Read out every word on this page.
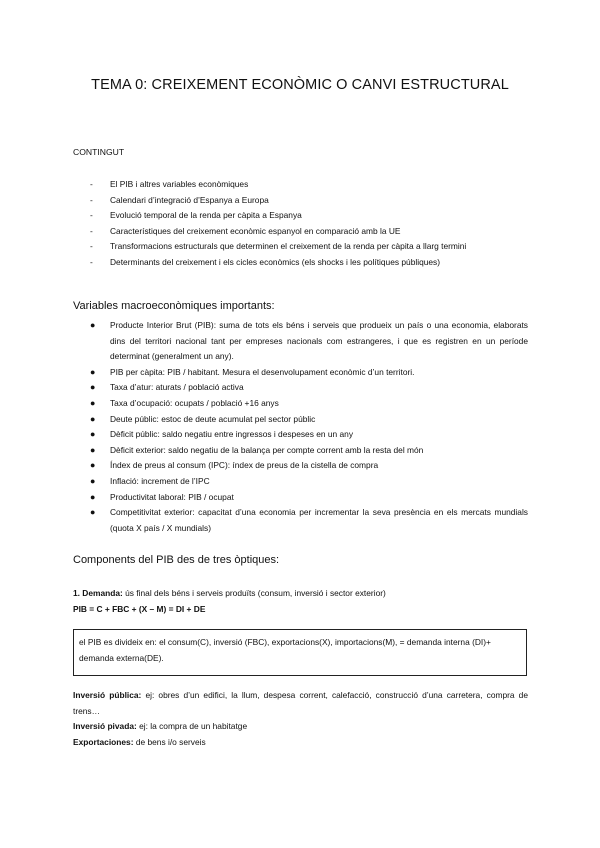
TEMA 0: CREIXEMENT ECONÒMIC O CANVI ESTRUCTURAL

CONTINGUT

- El PIB i altres variables econòmiques
- Calendari d’integració d’Espanya a Europa
- Evolució temporal de la renda per càpita a Espanya
- Característiques del creixement econòmic espanyol en comparació amb la UE
- Transformacions estructurals que determinen el creixement de la renda per càpita a llarg termini
- Determinants del creixement i els cicles econòmics (els shocks i les polítiques públiques)
Variables macroeconòmiques importants:
● Producte Interior Brut (PIB): suma de tots els béns i serveis que produeix un país o una economia, elaborats dins del territori nacional tant per empreses nacionals com estrangeres, i que es registren en un període determinat (generalment un any).
● PIB per càpita: PIB / habitant. Mesura el desenvolupament econòmic d’un territori.
● Taxa d’atur: aturats / població activa
● Taxa d’ocupació: ocupats / població +16 anys
● Deute públic: estoc de deute acumulat pel sector públic
● Dèficit públic: saldo negatiu entre ingressos i despeses en un any
● Dèficit exterior: saldo negatiu de la balança per compte corrent amb la resta del món
● Índex de preus al consum (IPC): índex de preus de la cistella de compra
● Inflació: increment de l’IPC
● Productivitat laboral: PIB / ocupat
● Competitivitat exterior: capacitat d’una economia per incrementar la seva presència en els mercats mundials (quota X país / X mundials)
Components del PIB des de tres òptiques:
1. Demanda: ús final dels béns i serveis produïts (consum, inversió i sector exterior)
PIB = C + FBC + (X – M) = DI + DE
el PIB es divideix en: el consum(C), inversió (FBC), exportacions(X), importacions(M), = demanda interna (DI)+ demanda externa(DE).
Inversió pública: ej: obres d’un edifici, la llum, despesa corrent, calefacció, construcció d’una carretera, compra de trens…
Inversió pivada: ej: la compra de un habitatge
Exportaciones: de bens i/o serveis
